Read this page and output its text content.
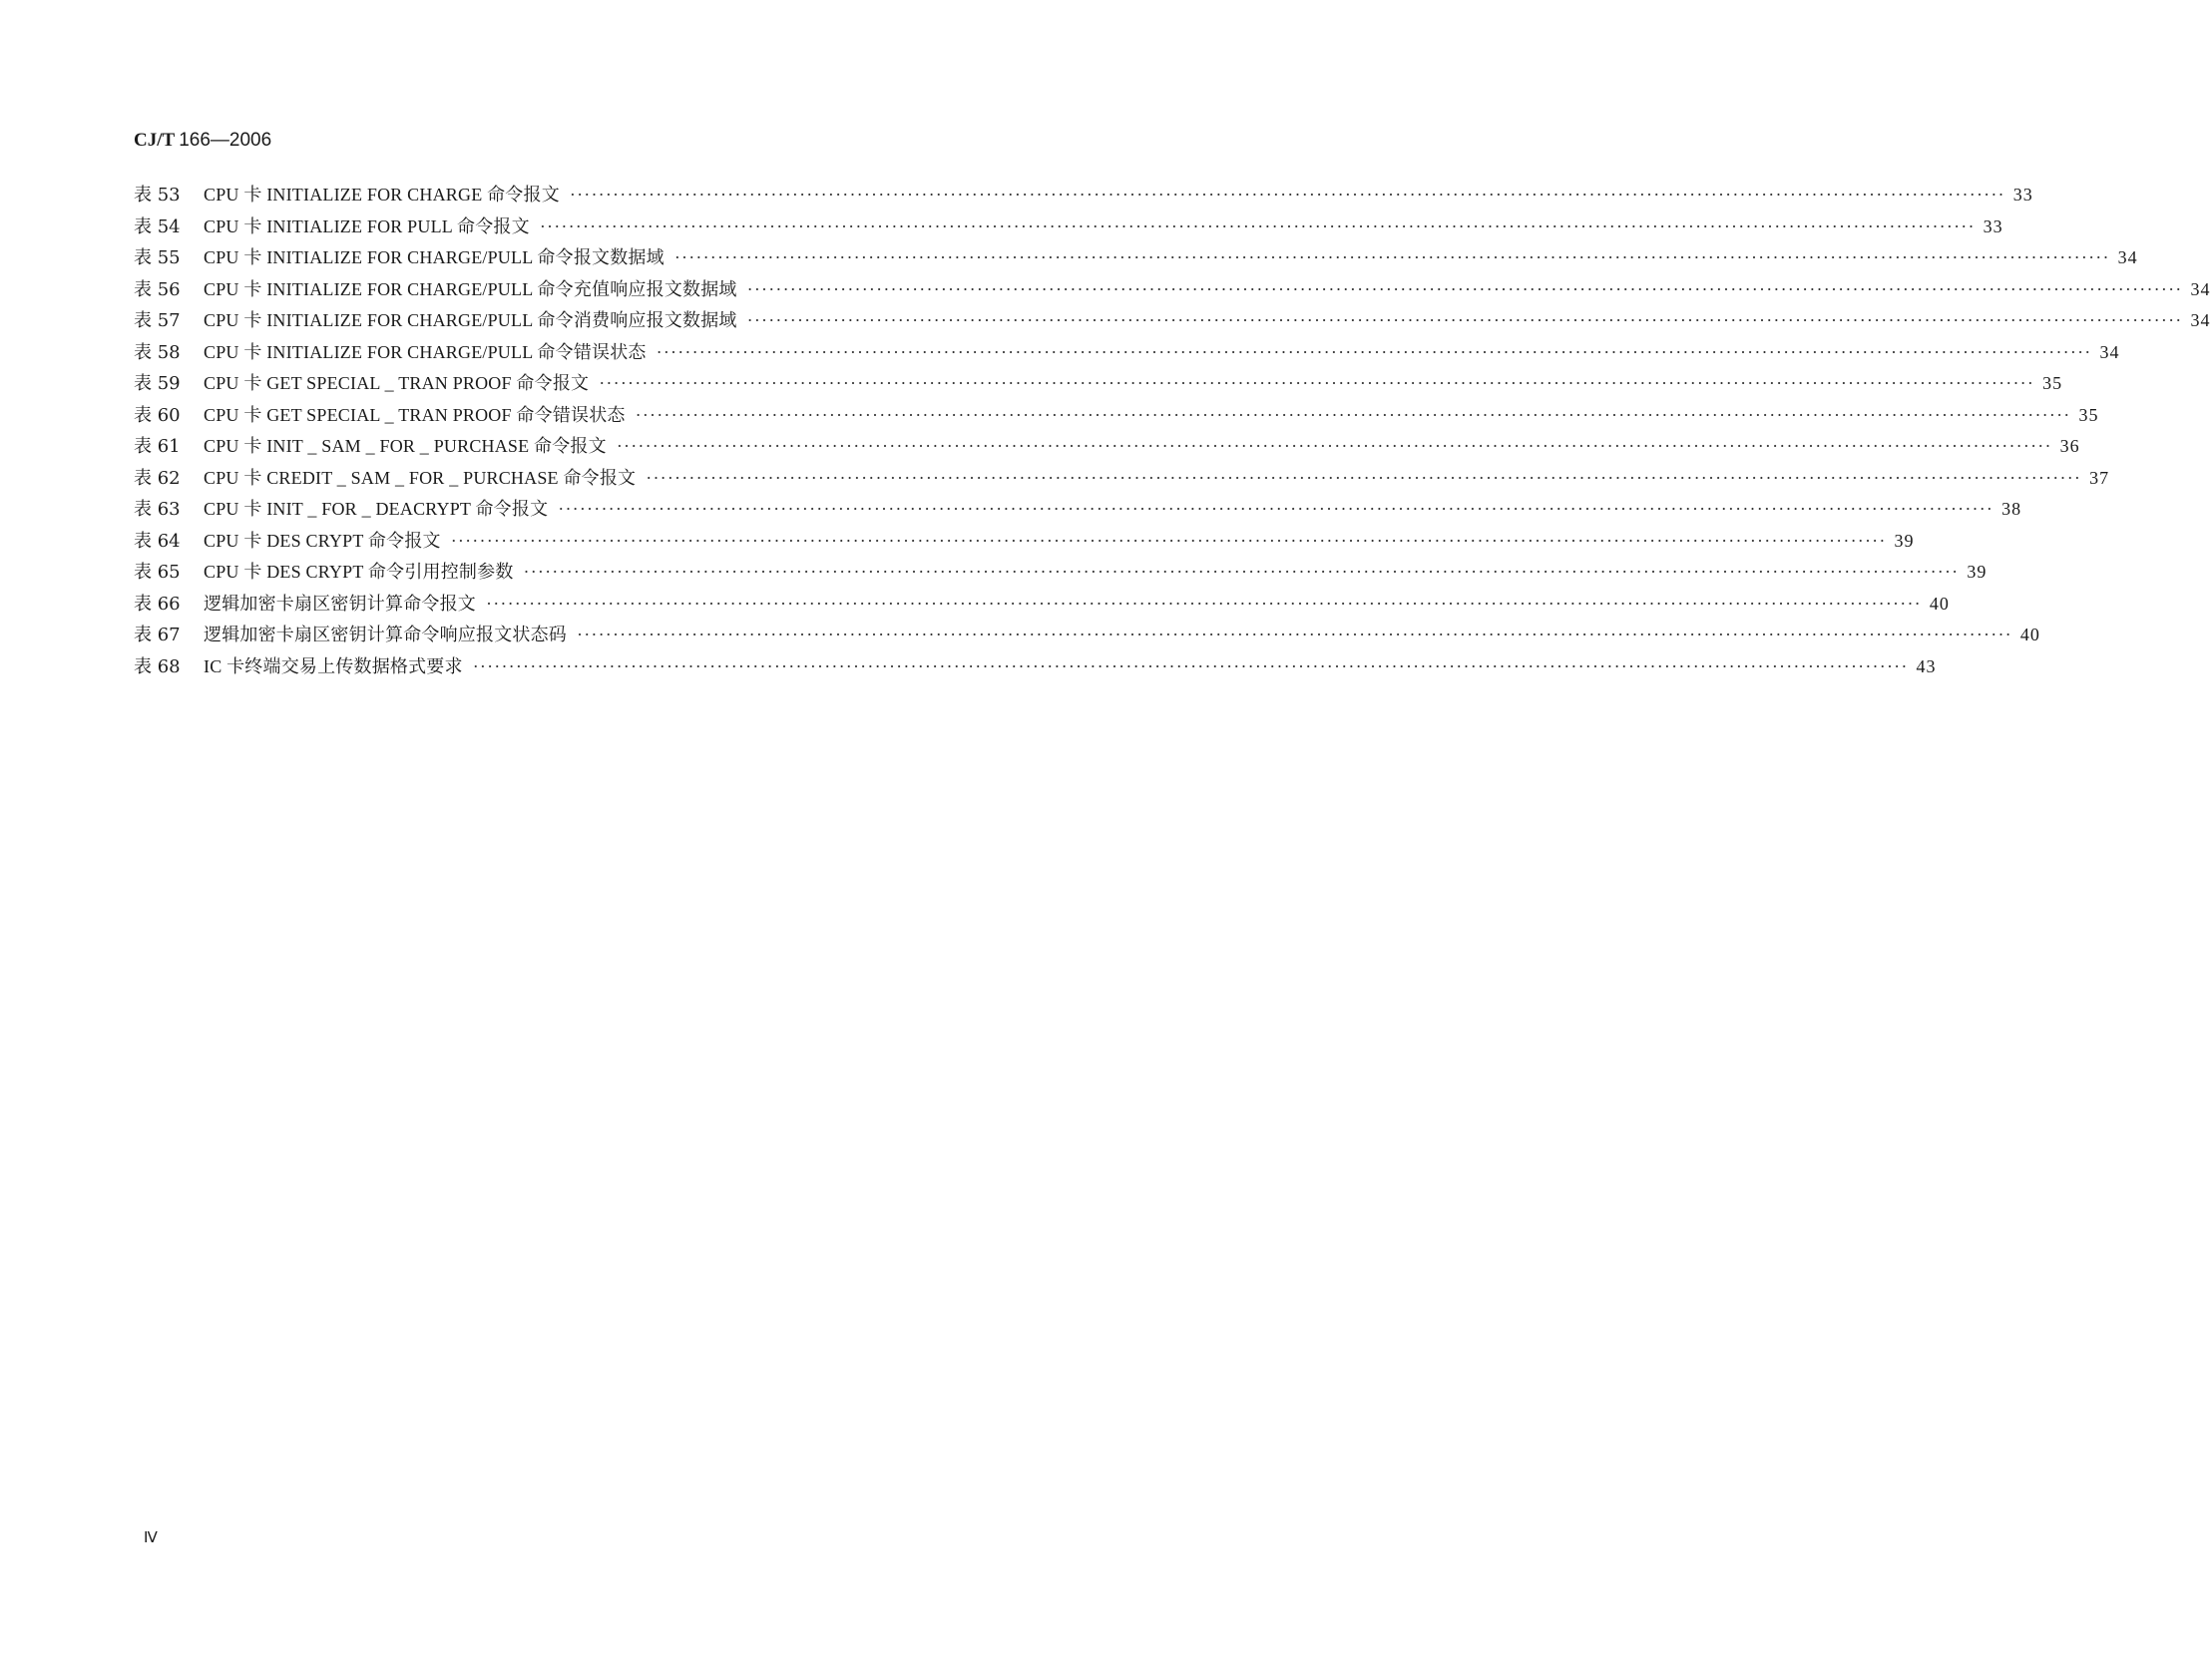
CJ/T 166—2006
表 53	CPU 卡 INITIALIZE FOR CHARGE 命令报文 ········································································································································································································ 33
表 54	CPU 卡 INITIALIZE FOR PULL 命令报文 ········································································································································································································ 33
表 55	CPU 卡 INITIALIZE FOR CHARGE/PULL 命令报文数据域 ········································································································································································································ 34
表 56	CPU 卡 INITIALIZE FOR CHARGE/PULL 命令充值响应报文数据域 ········································································································································································································ 34
表 57	CPU 卡 INITIALIZE FOR CHARGE/PULL 命令消费响应报文数据域 ········································································································································································································ 34
表 58	CPU 卡 INITIALIZE FOR CHARGE/PULL 命令错误状态 ········································································································································································································ 34
表 59	CPU 卡 GET SPECIAL _ TRAN PROOF 命令报文 ········································································································································································································ 35
表 60	CPU 卡 GET SPECIAL _ TRAN PROOF 命令错误状态 ········································································································································································································ 35
表 61	CPU 卡 INIT _ SAM _ FOR _ PURCHASE 命令报文 ········································································································································································································ 36
表 62	CPU 卡 CREDIT _ SAM _ FOR _ PURCHASE 命令报文 ········································································································································································································ 37
表 63	CPU 卡 INIT _ FOR _ DEACRYPT 命令报文 ········································································································································································································ 38
表 64	CPU 卡 DES CRYPT 命令报文 ········································································································································································································ 39
表 65	CPU 卡 DES CRYPT 命令引用控制参数 ········································································································································································································ 39
表 66	逻辑加密卡扇区密钥计算命令报文 ········································································································································································································ 40
表 67	逻辑加密卡扇区密钥计算命令响应报文状态码 ········································································································································································································ 40
表 68	IC 卡终端交易上传数据格式要求 ········································································································································································································ 43
Ⅳ
